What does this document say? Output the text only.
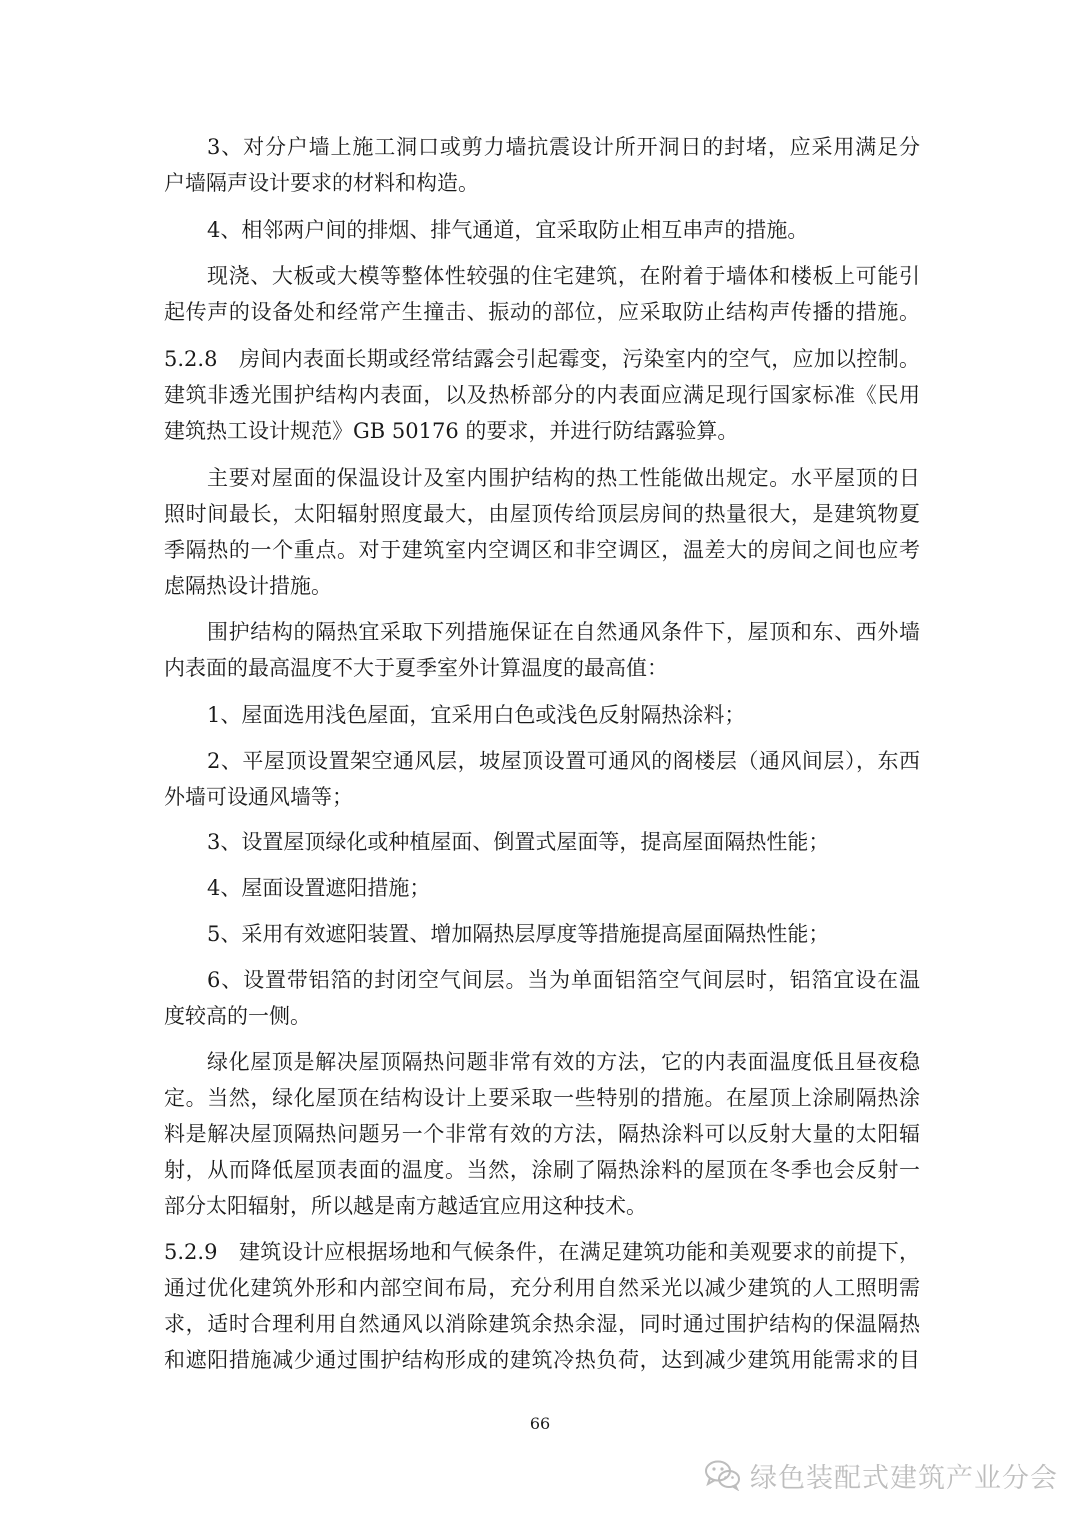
3、对分户墙上施工洞口或剪力墙抗震设计所开洞日的封堵，应采用满足分
户墙隔声设计要求的材料和构造。
4、相邻两户间的排烟、排气通道，宜采取防止相互串声的措施。
现浇、大板或大模等整体性较强的住宅建筑，在附着于墙体和楼板上可能引
起传声的设备处和经常产生撞击、振动的部位，应采取防止结构声传播的措施。
5.2.8　房间内表面长期或经常结露会引起霉变，污染室内的空气，应加以控制。
建筑非透光围护结构内表面，以及热桥部分的内表面应满足现行国家标准《民用
建筑热工设计规范》GB 50176 的要求，并进行防结露验算。
主要对屋面的保温设计及室内围护结构的热工性能做出规定。水平屋顶的日
照时间最长，太阳辐射照度最大，由屋顶传给顶层房间的热量很大，是建筑物夏
季隔热的一个重点。对于建筑室内空调区和非空调区，温差大的房间之间也应考
虑隔热设计措施。
围护结构的隔热宜采取下列措施保证在自然通风条件下，屋顶和东、西外墙
内表面的最高温度不大于夏季室外计算温度的最高值：
1、屋面选用浅色屋面，宜采用白色或浅色反射隔热涂料；
2、平屋顶设置架空通风层，坡屋顶设置可通风的阁楼层（通风间层），东西
外墙可设通风墙等；
3、设置屋顶绿化或种植屋面、倒置式屋面等，提高屋面隔热性能；
4、屋面设置遮阳措施；
5、采用有效遮阳装置、增加隔热层厚度等措施提高屋面隔热性能；
6、设置带铝箔的封闭空气间层。当为单面铝箔空气间层时，铝箔宜设在温
度较高的一侧。
绿化屋顶是解决屋顶隔热问题非常有效的方法，它的内表面温度低且昼夜稳
定。当然，绿化屋顶在结构设计上要采取一些特别的措施。在屋顶上涂刷隔热涂
料是解决屋顶隔热问题另一个非常有效的方法，隔热涂料可以反射大量的太阳辐
射，从而降低屋顶表面的温度。当然，涂刷了隔热涂料的屋顶在冬季也会反射一
部分太阳辐射，所以越是南方越适宜应用这种技术。
5.2.9　建筑设计应根据场地和气候条件，在满足建筑功能和美观要求的前提下，
通过优化建筑外形和内部空间布局，充分利用自然采光以减少建筑的人工照明需
求，适时合理利用自然通风以消除建筑余热余湿，同时通过围护结构的保温隔热
和遮阳措施减少通过围护结构形成的建筑冷热负荷，达到减少建筑用能需求的目
66
绿色装配式建筑产业分会
